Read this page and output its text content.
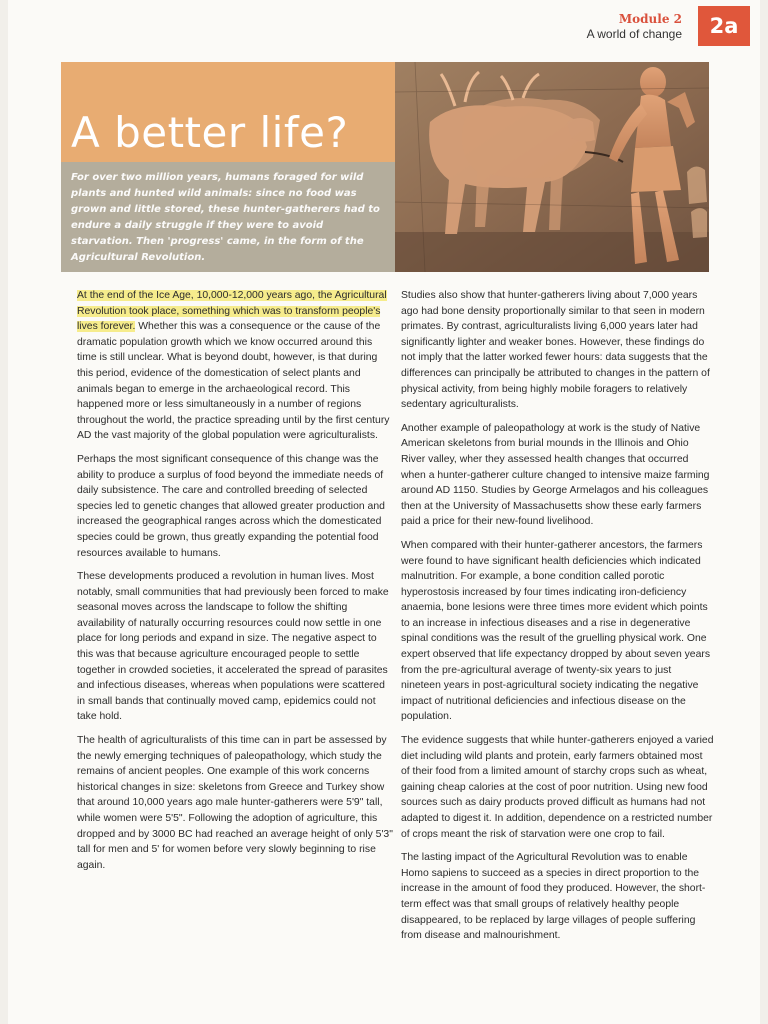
Module 2
A world of change	2a
A better life?
For over two million years, humans foraged for wild plants and hunted wild animals: since no food was grown and little stored, these hunter-gatherers had to endure a daily struggle if they were to avoid starvation. Then 'progress' came, in the form of the Agricultural Revolution.

At the end of the Ice Age, 10,000-12,000 years ago, the Agricultural Revolution took place, something which was to transform people's lives forever. Whether this was a consequence or the cause of the dramatic population growth which we know occurred around this time is still unclear. What is beyond doubt, however, is that during this period, evidence of the domestication of select plants and animals began to emerge in the archaeological record. This happened more or less simultaneously in a number of regions throughout the world, the practice spreading until by the first century AD the vast majority of the global population were agriculturalists.

Perhaps the most significant consequence of this change was the ability to produce a surplus of food beyond the immediate needs of daily subsistence. The care and controlled breeding of selected species led to genetic changes that allowed greater production and increased the geographical ranges across which the domesticated species could be grown, thus greatly expanding the potential food resources available to humans.

These developments produced a revolution in human lives. Most notably, small communities that had previously been forced to make seasonal moves across the landscape to follow the shifting availability of naturally occurring resources could now settle in one place for long periods and expand in size. The negative aspect to this was that because agriculture encouraged people to settle together in crowded societies, it accelerated the spread of parasites and infectious diseases, whereas when populations were scattered in small bands that continually moved camp, epidemics could not take hold.

The health of agriculturalists of this time can in part be assessed by the newly emerging techniques of paleopathology, which study the remains of ancient peoples. One example of this work concerns historical changes in size: skeletons from Greece and Turkey show that around 10,000 years ago male hunter-gatherers were 5'9" tall, while women were 5'5". Following the adoption of agriculture, this dropped and by 3000 BC had reached an average height of only 5'3" tall for men and 5' for women before very slowly beginning to rise again.

Studies also show that hunter-gatherers living about 7,000 years ago had bone density proportionally similar to that seen in modern primates. By contrast, agriculturalists living 6,000 years later had significantly lighter and weaker bones. However, these findings do not imply that the latter worked fewer hours: data suggests that the differences can principally be attributed to changes in the pattern of physical activity, from being highly mobile foragers to relatively sedentary agriculturalists.

Another example of paleopathology at work is the study of Native American skeletons from burial mounds in the Illinois and Ohio River valley, wher they assessed health changes that occurred when a hunter-gatherer culture changed to intensive maize farming around AD 1150. Studies by George Armelagos and his colleagues then at the University of Massachusetts show these early farmers paid a price for their new-found livelihood.

When compared with their hunter-gatherer ancestors, the farmers were found to have significant health deficiencies which indicated malnutrition. For example, a bone condition called porotic hyperostosis increased by four times indicating iron-deficiency anaemia, bone lesions were three times more evident which points to an increase in infectious diseases and a rise in degenerative spinal conditions was the result of the gruelling physical work. One expert observed that life expectancy dropped by about seven years from the pre-agricultural average of twenty-six years to just nineteen years in post-agricultural society indicating the negative impact of nutritional deficiencies and infectious disease on the population.

The evidence suggests that while hunter-gatherers enjoyed a varied diet including wild plants and protein, early farmers obtained most of their food from a limited amount of starchy crops such as wheat, gaining cheap calories at the cost of poor nutrition. Using new food sources such as dairy products proved difficult as humans had not adapted to digest it. In addition, dependence on a restricted number of crops meant the risk of starvation were one crop to fail.

The lasting impact of the Agricultural Revolution was to enable Homo sapiens to succeed as a species in direct proportion to the increase in the amount of food they produced. However, the short-term effect was that small groups of relatively healthy people disappeared, to be replaced by large villages of people suffering from disease and malnourishment.
